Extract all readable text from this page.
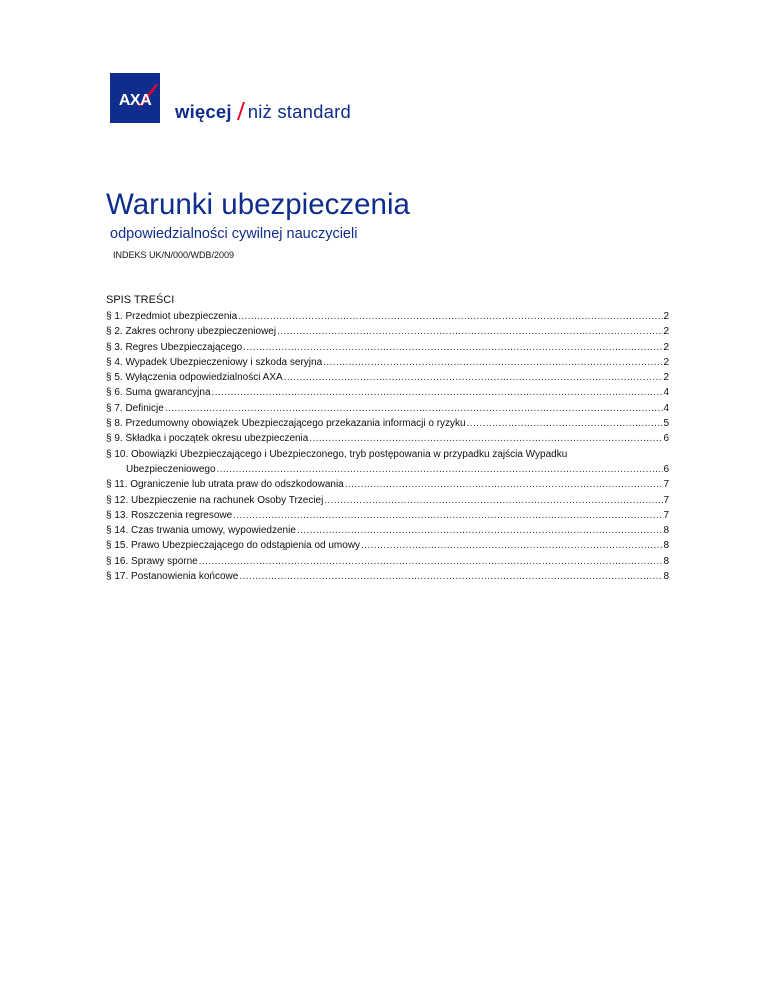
AXA
więcej niż standard
Warunki ubezpieczenia
odpowiedzialności cywilnej nauczycieli
INDEKS UK/N/000/WDB/2009
SPIS TREŚCI
§ 1. Przedmiot ubezpieczenia .....	2
§ 2. Zakres ochrony ubezpieczeniowej .....	2
§ 3. Regres Ubezpieczającego .....	2
§ 4. Wypadek Ubezpieczeniowy i szkoda seryjna .....	2
§ 5. Wyłączenia odpowiedzialności AXA .....	2
§ 6. Suma gwarancyjna .....	4
§ 7. Definicje .....	4
§ 8. Przedumowny obowiązek Ubezpieczającego przekazania informacji o ryzyku .....	5
§ 9. Składka i początek okresu ubezpieczenia .....	6
§ 10. Obowiązki Ubezpieczającego i Ubezpieczonego, tryb postępowania w przypadku zajścia Wypadku
Ubezpieczeniowego .....	6
§ 11. Ograniczenie lub utrata praw do odszkodowania .....	7
§ 12. Ubezpieczenie na rachunek Osoby Trzeciej .....	7
§ 13. Roszczenia regresowe .....	7
§ 14. Czas trwania umowy, wypowiedzenie .....	8
§ 15. Prawo Ubezpieczającego do odstąpienia od umowy .....	8
§ 16. Sprawy sporne .....	8
§ 17. Postanowienia końcowe .....	8
